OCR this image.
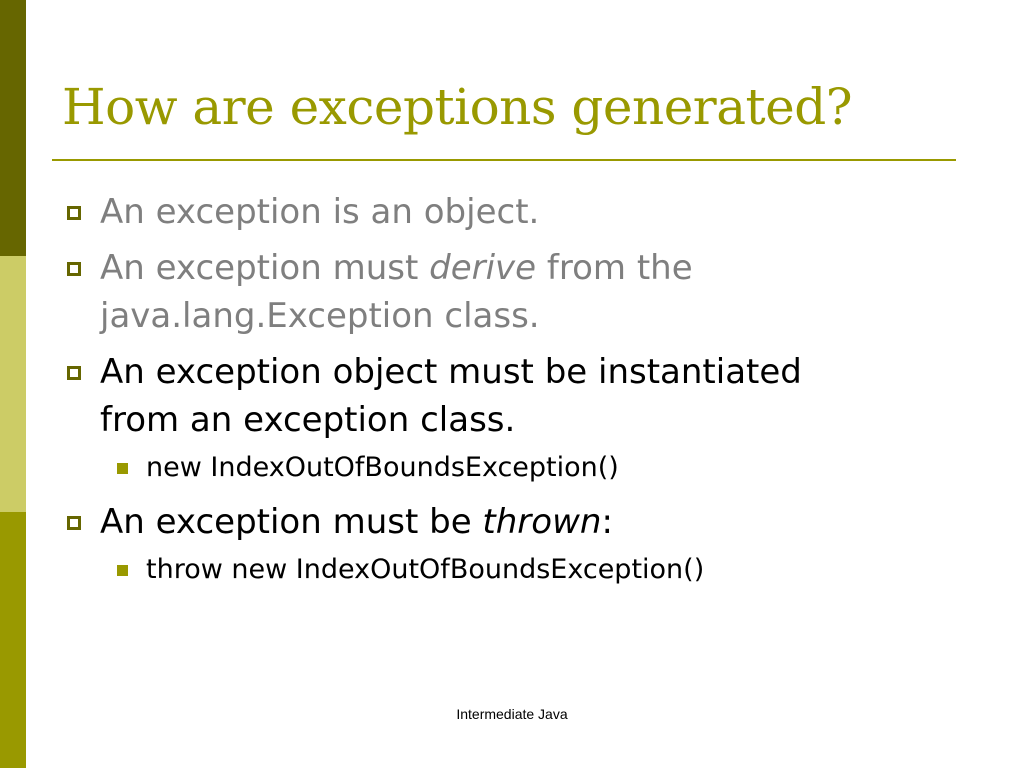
How are exceptions generated?
An exception is an object.
An exception must derive from the
java.lang.Exception class.
An exception object must be instantiated
from an exception class.
new IndexOutOfBoundsException()
An exception must be thrown:
throw new IndexOutOfBoundsException()
Intermediate Java
